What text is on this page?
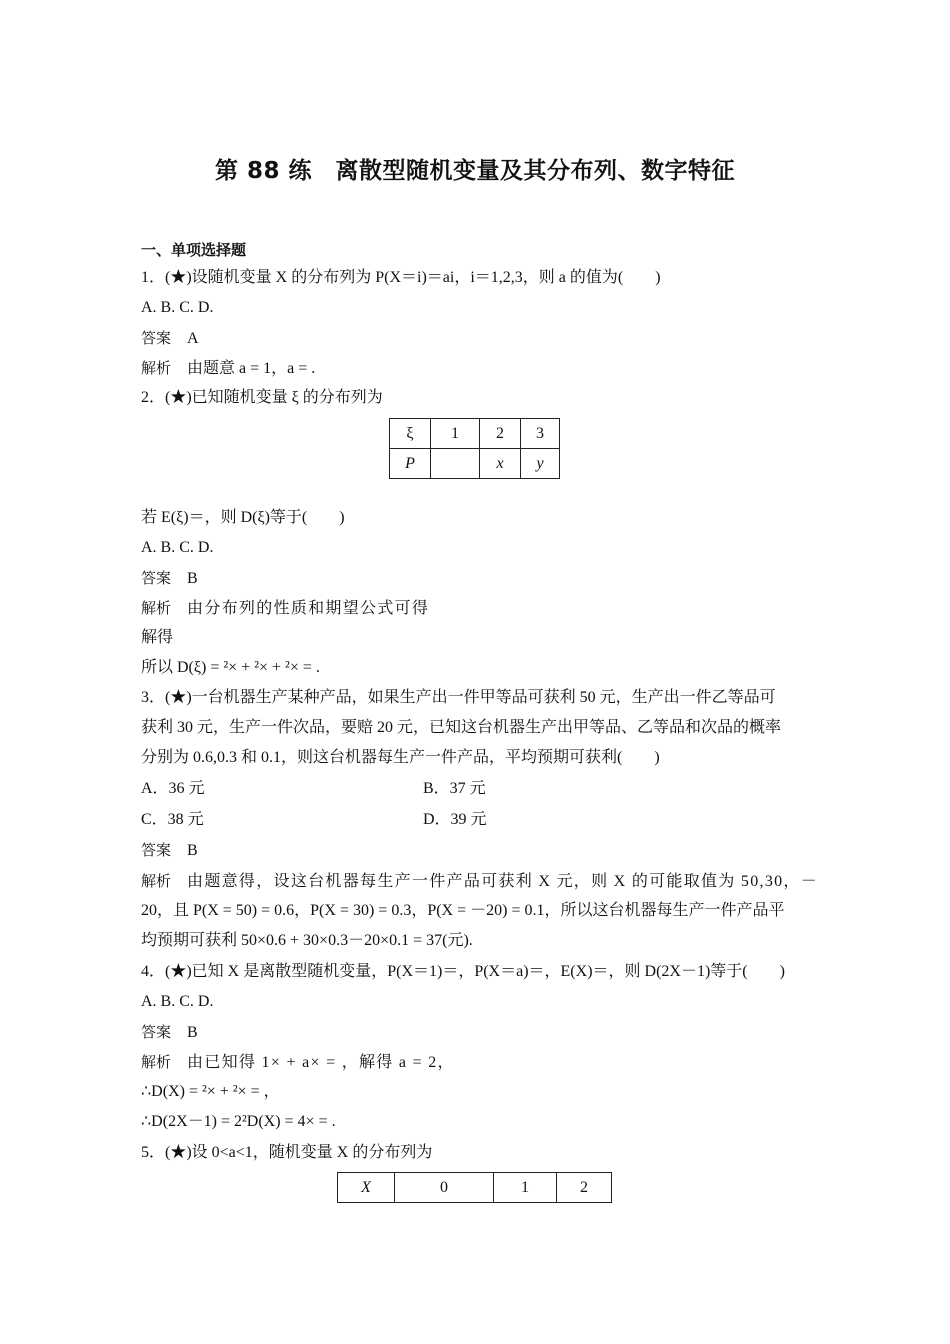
第 88 练　离散型随机变量及其分布列、数字特征
一、单项选择题
1．(★)设随机变量 X 的分布列为 P(X＝i)＝ai，i＝1,2,3，则 a 的值为(　　)
A. B. C. D.
答案 A
解析 由题意 a = 1，a = .
2．(★)已知随机变量 ξ 的分布列为
ξ	1	2	3
P		x	y
若 E(ξ)＝，则 D(ξ)等于(　　)
A. B. C. D.
答案 B
解析 由分布列的性质和期望公式可得
解得
所以 D(ξ) = ²× + ²× + ²× = .
3．(★)一台机器生产某种产品，如果生产出一件甲等品可获利 50 元，生产出一件乙等品可
获利 30 元，生产一件次品，要赔 20 元，已知这台机器生产出甲等品、乙等品和次品的概率
分别为 0.6,0.3 和 0.1，则这台机器每生产一件产品，平均预期可获利(　　)
A．36 元	B．37 元
C．38 元	D．39 元
答案 B
解析 由题意得，设这台机器每生产一件产品可获利 X 元，则 X 的可能取值为 50,30，－
20，且 P(X = 50) = 0.6，P(X = 30) = 0.3，P(X = －20) = 0.1，所以这台机器每生产一件产品平
均预期可获利 50×0.6 + 30×0.3－20×0.1 = 37(元).
4．(★)已知 X 是离散型随机变量，P(X＝1)＝，P(X＝a)＝，E(X)＝，则 D(2X－1)等于(　　)
A. B. C. D.
答案 B
解析 由已知得 1× + a× = ，解得 a = 2，
∴D(X) = ²× + ²× = ，
∴D(2X－1) = 2²D(X) = 4× = .
5．(★)设 0<a<1，随机变量 X 的分布列为
X	0	1	2
